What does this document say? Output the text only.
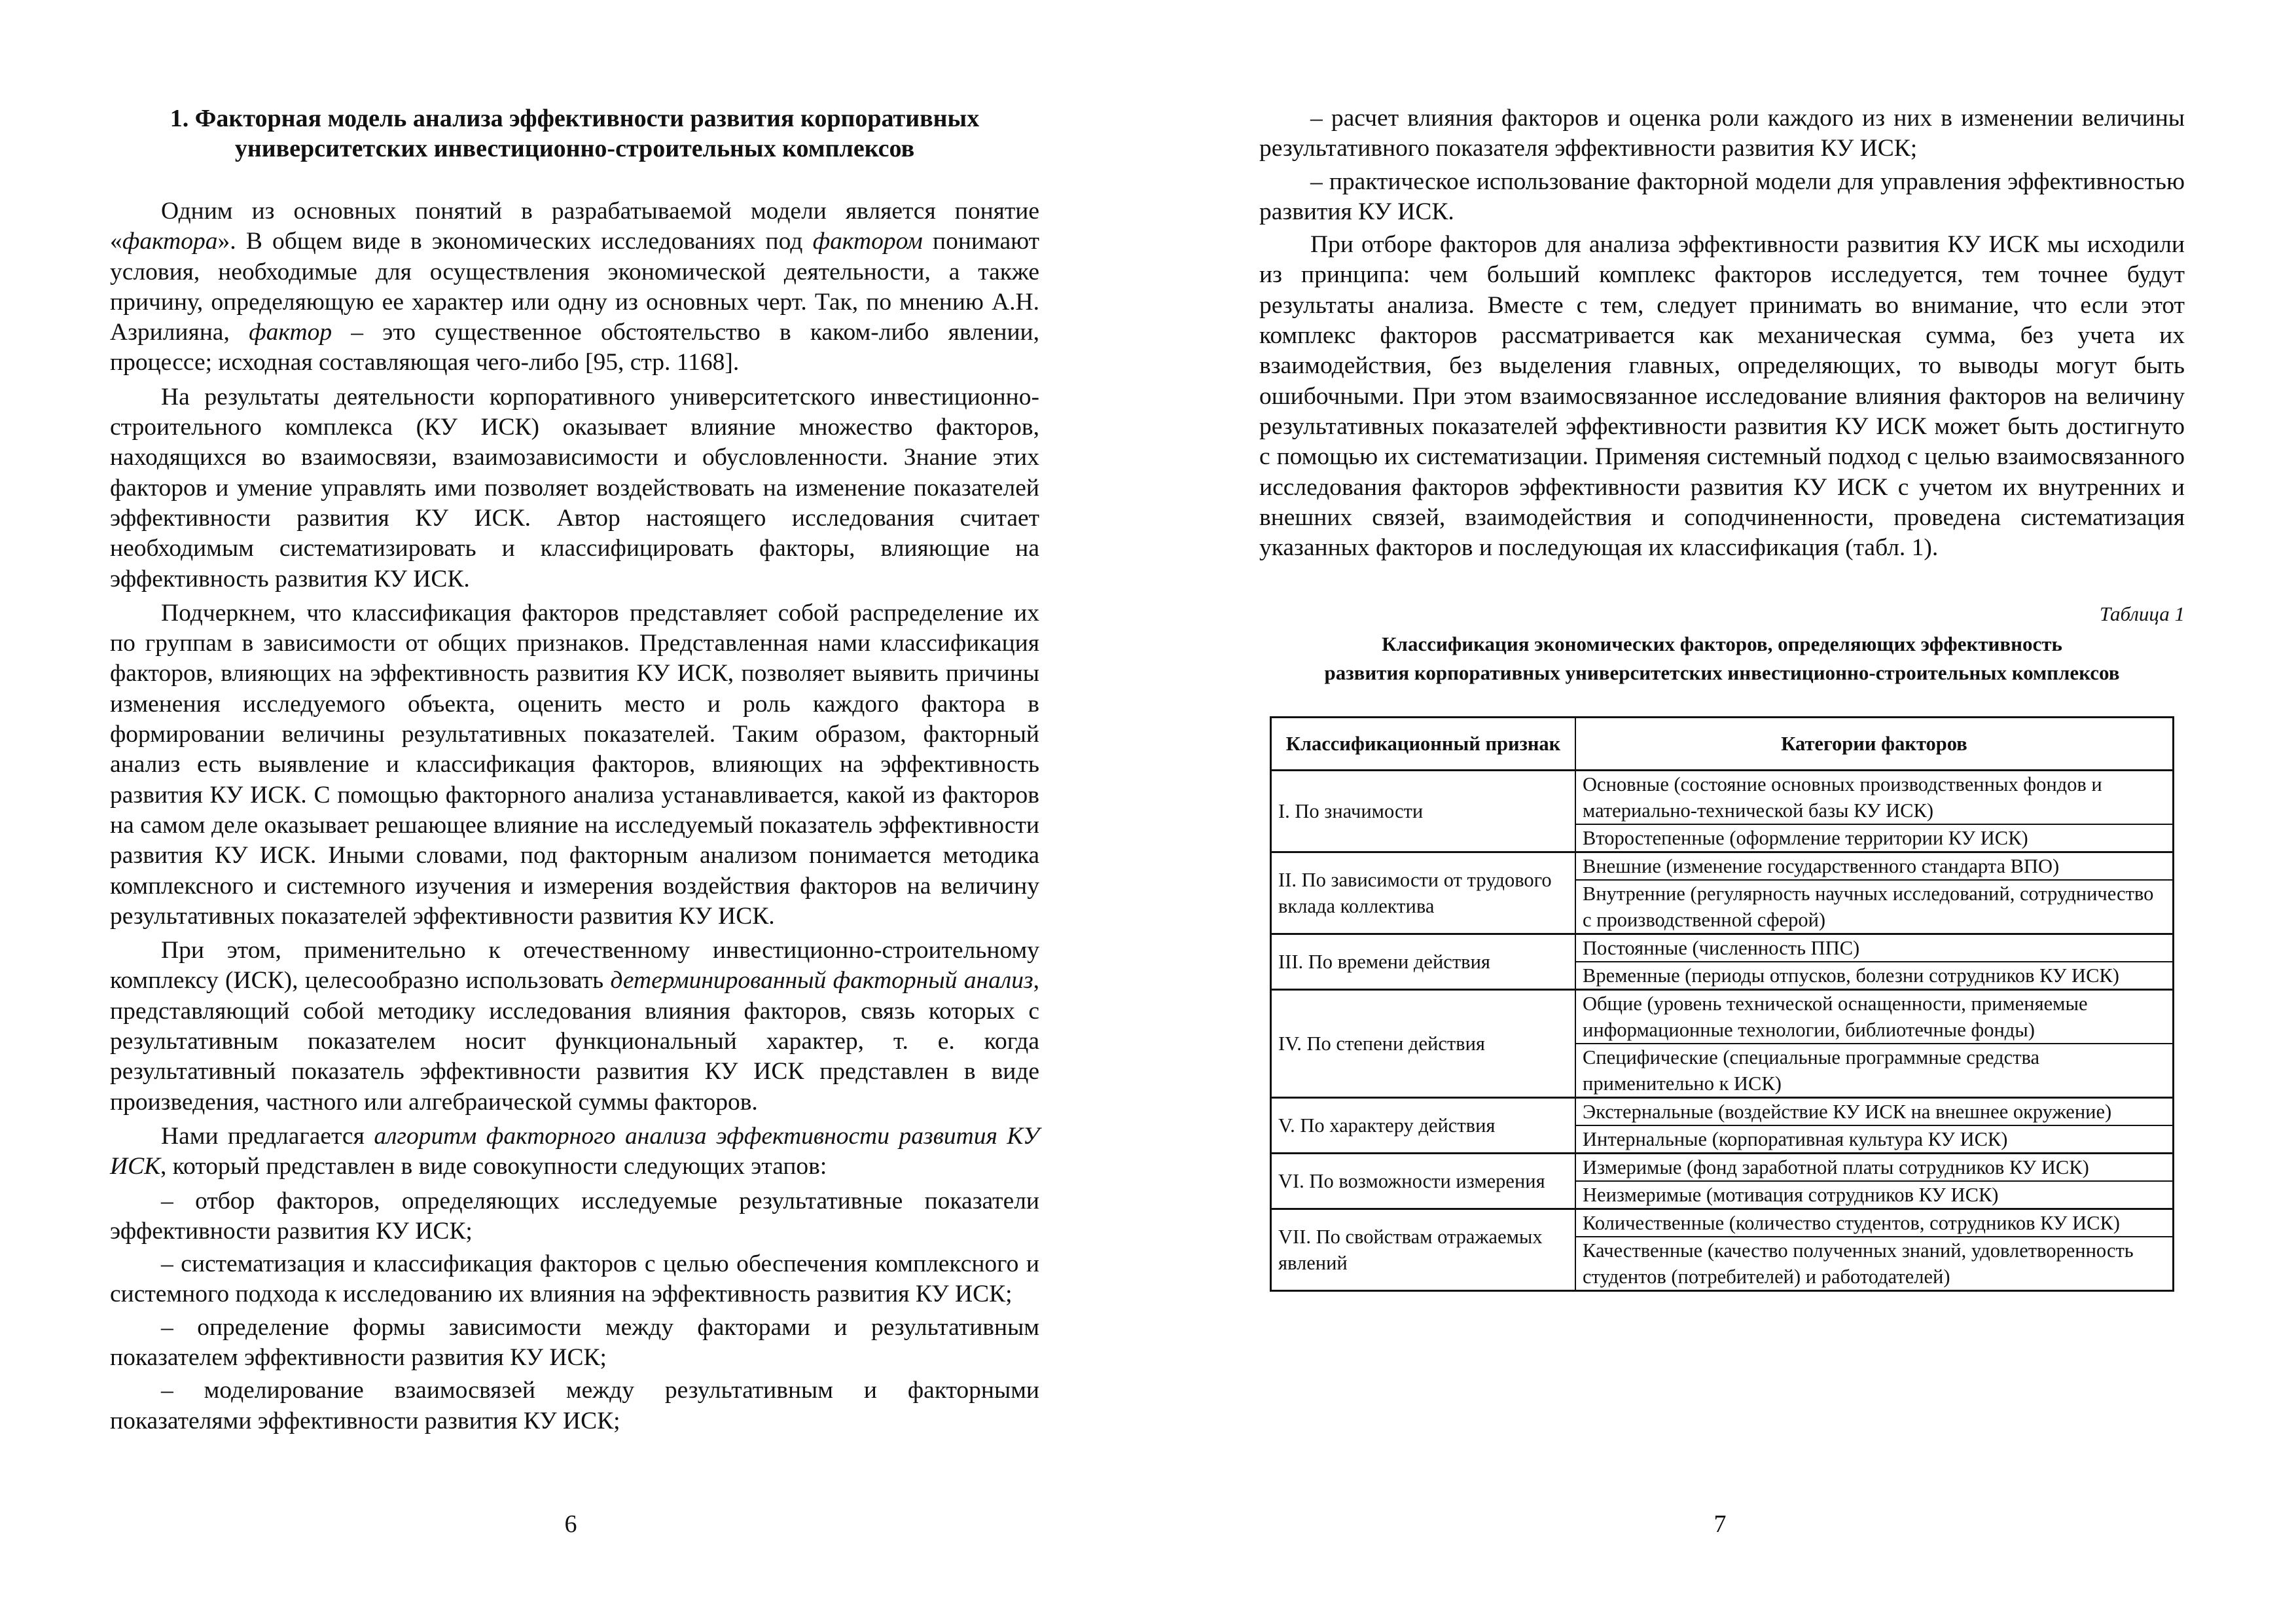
1. Факторная модель анализа эффективности развития корпоративных
университетских инвестиционно-строительных комплексов

Одним из основных понятий в разрабатываемой модели является понятие «фактора». В общем виде в экономических исследованиях под фактором понимают условия, необходимые для осуществления экономической деятельности, а также причину, определяющую ее характер или одну из основных черт. Так, по мнению А.Н. Азрилияна, фактор – это существенное обстоятельство в каком-либо явлении, процессе; исходная составляющая чего-либо [95, стр. 1168].

На результаты деятельности корпоративного университетского инвестиционно-строительного комплекса (КУ ИСК) оказывает влияние множество факторов, находящихся во взаимосвязи, взаимозависимости и обусловленности. Знание этих факторов и умение управлять ими позволяет воздействовать на изменение показателей эффективности развития КУ ИСК. Автор настоящего исследования считает необходимым систематизировать и классифицировать факторы, влияющие на эффективность развития КУ ИСК.

Подчеркнем, что классификация факторов представляет собой распределение их по группам в зависимости от общих признаков. Представленная нами классификация факторов, влияющих на эффективность развития КУ ИСК, позволяет выявить причины изменения исследуемого объекта, оценить место и роль каждого фактора в формировании величины результативных показателей. Таким образом, факторный анализ есть выявление и классификация факторов, влияющих на эффективность развития КУ ИСК. С помощью факторного анализа устанавливается, какой из факторов на самом деле оказывает решающее влияние на исследуемый показатель эффективности развития КУ ИСК. Иными словами, под факторным анализом понимается методика комплексного и системного изучения и измерения воздействия факторов на величину результативных показателей эффективности развития КУ ИСК.

При этом, применительно к отечественному инвестиционно-строительному комплексу (ИСК), целесообразно использовать детерминированный факторный анализ, представляющий собой методику исследования влияния факторов, связь которых с результативным показателем носит функциональный характер, т. е. когда результативный показатель эффективности развития КУ ИСК представлен в виде произведения, частного или алгебраической суммы факторов.

Нами предлагается алгоритм факторного анализа эффективности развития КУ ИСК, который представлен в виде совокупности следующих этапов:

– отбор факторов, определяющих исследуемые результативные показатели эффективности развития КУ ИСК;

– систематизация и классификация факторов с целью обеспечения комплексного и системного подхода к исследованию их влияния на эффективность развития КУ ИСК;

– определение формы зависимости между факторами и результативным показателем эффективности развития КУ ИСК;

– моделирование взаимосвязей между результативным и факторными показателями эффективности развития КУ ИСК;

– расчет влияния факторов и оценка роли каждого из них в изменении величины результативного показателя эффективности развития КУ ИСК;

– практическое использование факторной модели для управления эффективностью развития КУ ИСК.

При отборе факторов для анализа эффективности развития КУ ИСК мы исходили из принципа: чем больший комплекс факторов исследуется, тем точнее будут результаты анализа. Вместе с тем, следует принимать во внимание, что если этот комплекс факторов рассматривается как механическая сумма, без учета их взаимодействия, без выделения главных, определяющих, то выводы могут быть ошибочными. При этом взаимосвязанное исследование влияния факторов на величину результативных показателей эффективности развития КУ ИСК может быть достигнуто с помощью их систематизации. Применяя системный подход с целью взаимосвязанного исследования факторов эффективности развития КУ ИСК с учетом их внутренних и внешних связей, взаимодействия и соподчиненности, проведена систематизация указанных факторов и последующая их классификация (табл. 1).

Таблица 1
Классификация экономических факторов, определяющих эффективность
развития корпоративных университетских инвестиционно-строительных комплексов
Классификационный признак	Категории факторов
I. По значимости	Основные (состояние основных производственных фондов и материально-технической базы КУ ИСК)
	Второстепенные (оформление территории КУ ИСК)
II. По зависимости от трудового вклада коллектива	Внешние (изменение государственного стандарта ВПО)
	Внутренние (регулярность научных исследований, сотрудничество с производственной сферой)
III. По времени действия	Постоянные (численность ППС)
	Временные (периоды отпусков, болезни сотрудников КУ ИСК)
IV. По степени действия	Общие (уровень технической оснащенности, применяемые информационные технологии, библиотечные фонды)
	Специфические (специальные программные средства применительно к ИСК)
V. По характеру действия	Экстернальные (воздействие КУ ИСК на внешнее окружение)
	Интернальные (корпоративная культура КУ ИСК)
VI. По возможности измерения	Измеримые (фонд заработной платы сотрудников КУ ИСК)
	Неизмеримые (мотивация сотрудников КУ ИСК)
VII. По свойствам отражаемых явлений	Количественные (количество студентов, сотрудников КУ ИСК)
	Качественные (качество полученных знаний, удовлетворенность студентов (потребителей) и работодателей)
6	7
